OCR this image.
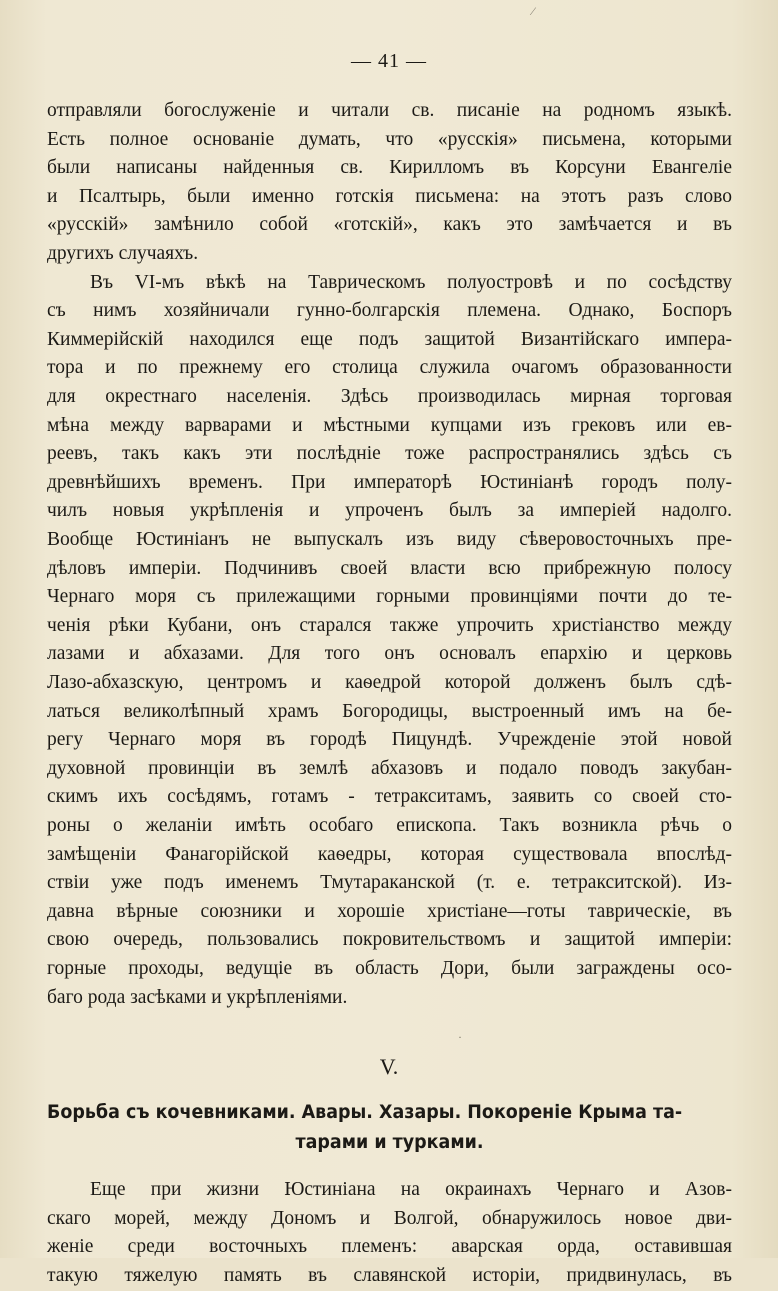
⁄
— 41 —
отправляли богослуженіе и читали св. писаніе на родномъ языкѣ.
Есть полное основаніе думать, что «русскія» письмена, которыми
были написаны найденныя св. Кирилломъ въ Корсуни Евангеліе
и Псалтырь, были именно готскія письмена: на этотъ разъ слово
«русскій» замѣнило собой «готскій», какъ это замѣчается и въ
другихъ случаяхъ.
Въ VI-мъ вѣкѣ на Таврическомъ полуостровѣ и по сосѣдству
съ нимъ хозяйничали гунно-болгарскія племена. Однако, Боспоръ
Киммерійскій находился еще подъ защитой Византійскаго импера-
тора и по прежнему его столица служила очагомъ образованности
для окрестнаго населенія. Здѣсь производилась мирная торговая
мѣна между варварами и мѣстными купцами изъ грековъ или ев-
реевъ, такъ какъ эти послѣдніе тоже распространялись здѣсь съ
древнѣйшихъ временъ. При императорѣ Юстиніанѣ городъ полу-
чилъ новыя укрѣпленія и упроченъ былъ за имперіей надолго.
Вообще Юстиніанъ не выпускалъ изъ виду сѣверовосточныхъ пре-
дѣловъ имперіи. Подчинивъ своей власти всю прибрежную полосу
Чернаго моря съ прилежащими горными провинціями почти до те-
ченія рѣки Кубани, онъ старался также упрочить христіанство между
лазами и абхазами. Для того онъ основалъ епархію и церковь
Лазо-абхазскую, центромъ и каѳедрой которой долженъ былъ сдѣ-
латься великолѣпный храмъ Богородицы, выстроенный имъ на бе-
регу Чернаго моря въ городѣ Пицундѣ. Учрежденіе этой новой
духовной провинціи въ землѣ абхазовъ и подало поводъ закубан-
скимъ ихъ сосѣдямъ, готамъ - тетракситамъ, заявить со своей сто-
роны о желаніи имѣть особаго епископа. Такъ возникла рѣчь о
замѣщеніи Фанагорійской каѳедры, которая существовала впослѣд-
ствіи уже подъ именемъ Тмутараканской (т. е. тетракситской). Из-
давна вѣрные союзники и хорошіе христіане—готы таврическіе, въ
свою очередь, пользовались покровительствомъ и защитой имперіи:
горные проходы, ведущіе въ область Дори, были заграждены осо-
баго рода засѣками и укрѣпленіями.
·
V.
Борьба съ кочевниками. Авары. Хазары. Покореніе Крыма та-
тарами и турками.
Еще при жизни Юстиніана на окраинахъ Чернаго и Азов-
скаго морей, между Дономъ и Волгой, обнаружилось новое дви-
женіе среди восточныхъ племенъ: аварская орда, оставившая
такую тяжелую память въ славянской исторіи, придвинулась, въ
